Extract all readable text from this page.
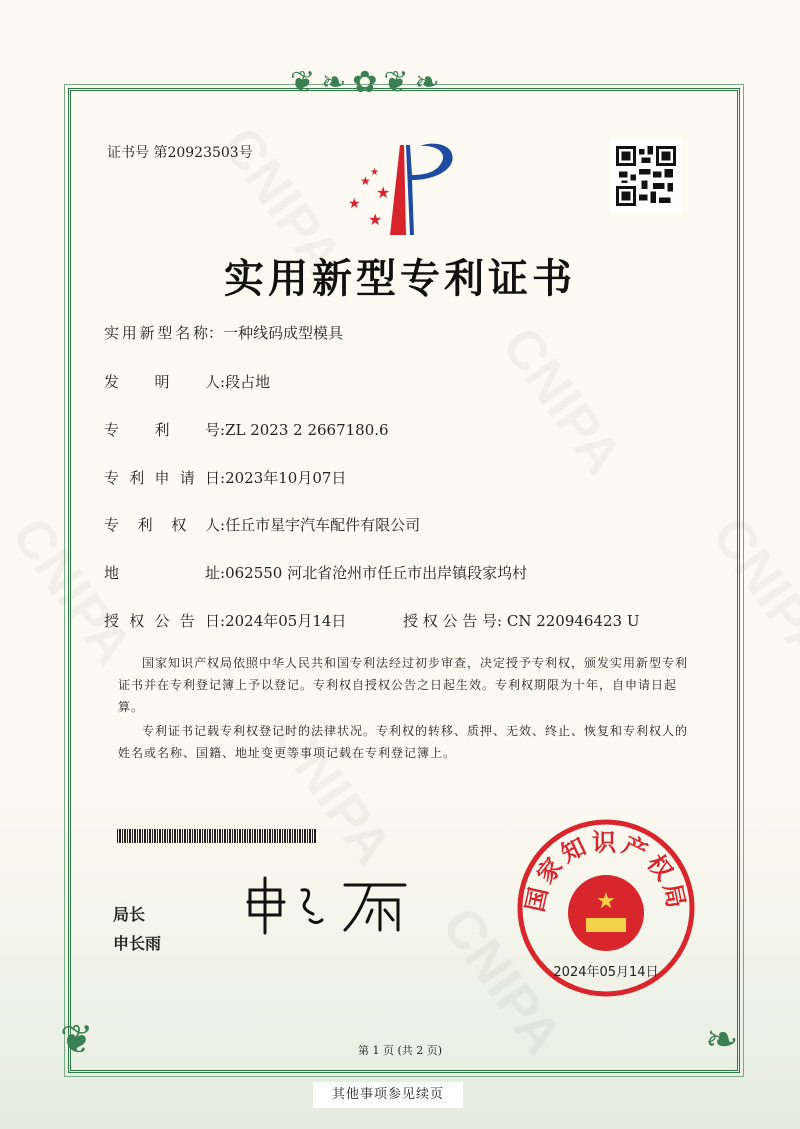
❦❧✿❦❧
❦	❧
证书号 第20923503号
★
★
★
★
★
实用新型专利证书
实用新型名称：一种线码成型模具
发明人:段占地
专利号:ZL 2023 2 2667180.6
专利申请日:2023年10月07日
专利权人:任丘市星宇汽车配件有限公司
地址:062550 河北省沧州市任丘市出岸镇段家坞村
授权公告日:2024年05月14日	授权公告号: CN 220946423 U

国家知识产权局依照中华人民共和国专利法经过初步审查，决定授予专利权，颁发实用新型专利证书并在专利登记簿上予以登记。专利权自授权公告之日起生效。专利权期限为十年，自申请日起算。

专利证书记载专利权登记时的法律状况。专利权的转移、质押、无效、终止、恢复和专利权人的姓名或名称、国籍、地址变更等事项记载在专利登记簿上。

局长
申长雨
国家知识产权局
★
2024年05月14日
第 1 页 (共 2 页)
其他事项参见续页
